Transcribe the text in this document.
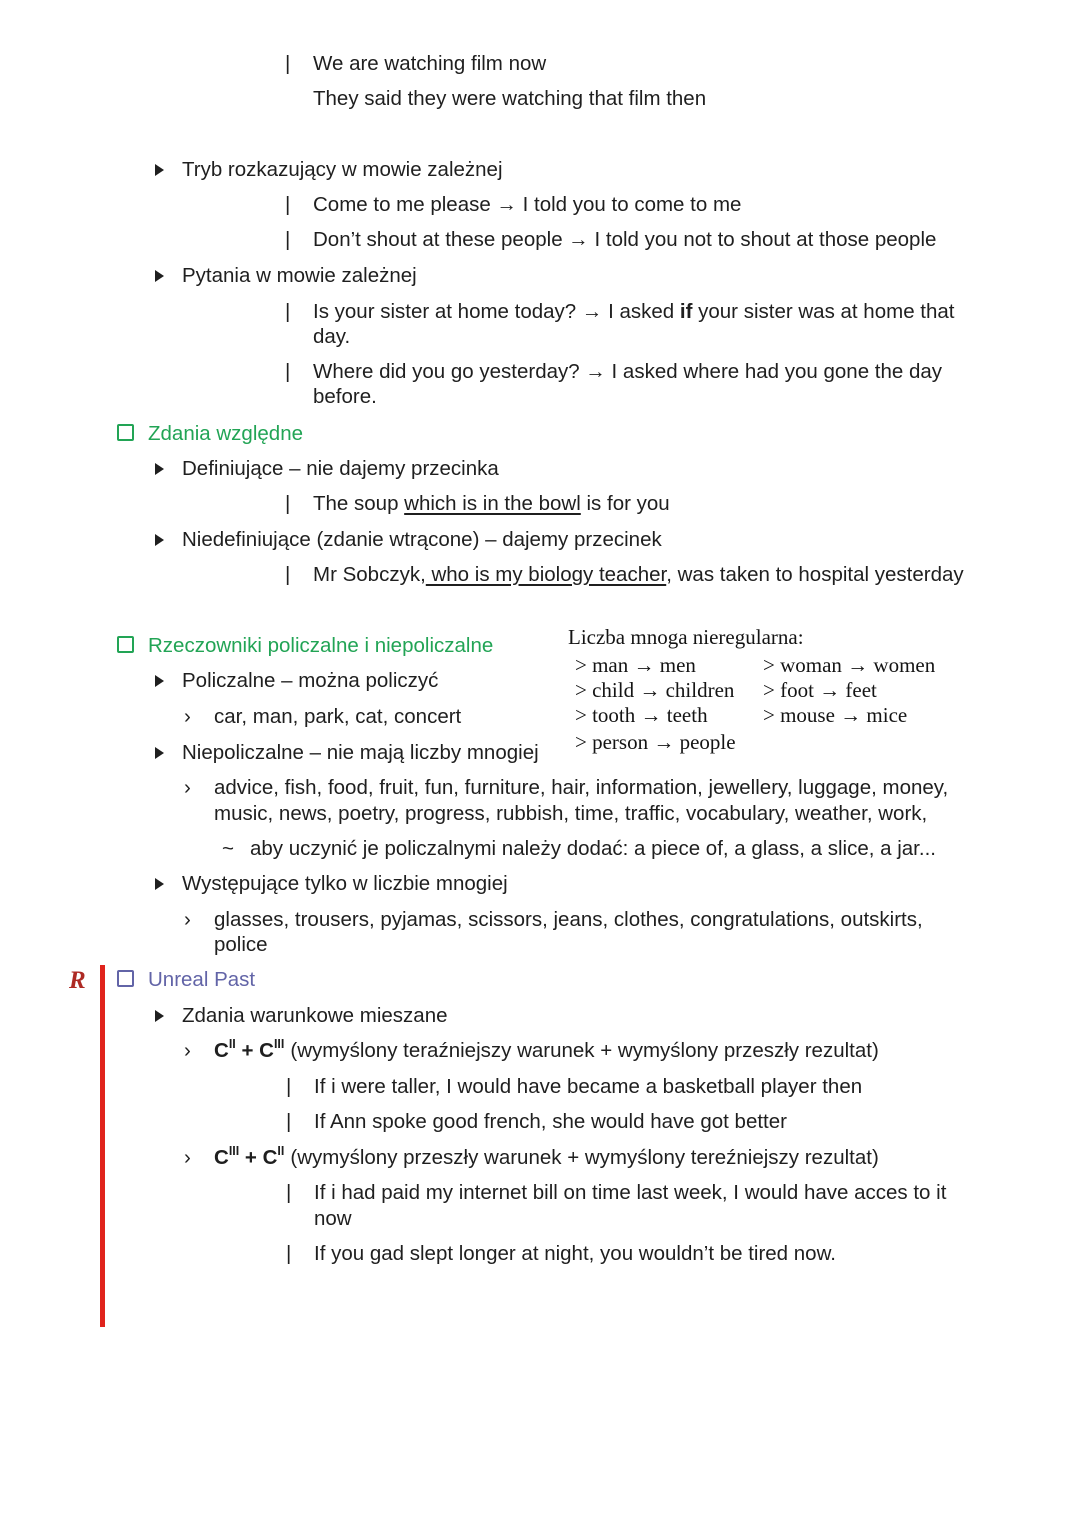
| We are watching film now
They said they were watching that film then
Tryb rozkazujący w mowie zależnej
| Come to me please → I told you to come to me
| Don’t shout at these people → I told you not to shout at those people
Pytania w mowie zależnej
| Is your sister at home today? → I asked if your sister was at home that
day.
| Where did you go yesterday? → I asked where had you gone the day
before.
Zdania względne
Definiujące – nie dajemy przecinka
| The soup which is in the bowl is for you
Niedefiniujące (zdanie wtrącone) – dajemy przecinek
| Mr Sobczyk, who is my biology teacher, was taken to hospital yesterday
Rzeczowniki policzalne i niepoliczalne
Policzalne – można policzyć
› car, man, park, cat, concert
Niepoliczalne – nie mają liczby mnogiej
› advice, fish, food, fruit, fun, furniture, hair, information, jewellery, luggage, money,
music, news, poetry, progress, rubbish, time, traffic, vocabulary, weather, work,
~ aby uczynić je policzalnymi należy dodać: a piece of, a glass, a slice, a jar...
Występujące tylko w liczbie mnogiej
› glasses, trousers, pyjamas, scissors, jeans, clothes, congratulations, outskirts,
police
Liczba mnoga nieregularna:
> man → men
> child → children
> tooth → teeth
> person → people
> woman → women
> foot → feet
> mouse → mice
R	Unreal Past
Zdania warunkowe mieszane
› $C^{II} + C^{III}$ (wymyślony teraźniejszy warunek + wymyślony przeszły rezultat)
| If i were taller, I would have became a basketball player then
| If Ann spoke good french, she would have got better
› $C^{III} + C^{II}$ (wymyślony przeszły warunek + wymyślony tereźniejszy rezultat)
| If i had paid my internet bill on time last week, I would have acces to it
now
| If you gad slept longer at night, you wouldn’t be tired now.
